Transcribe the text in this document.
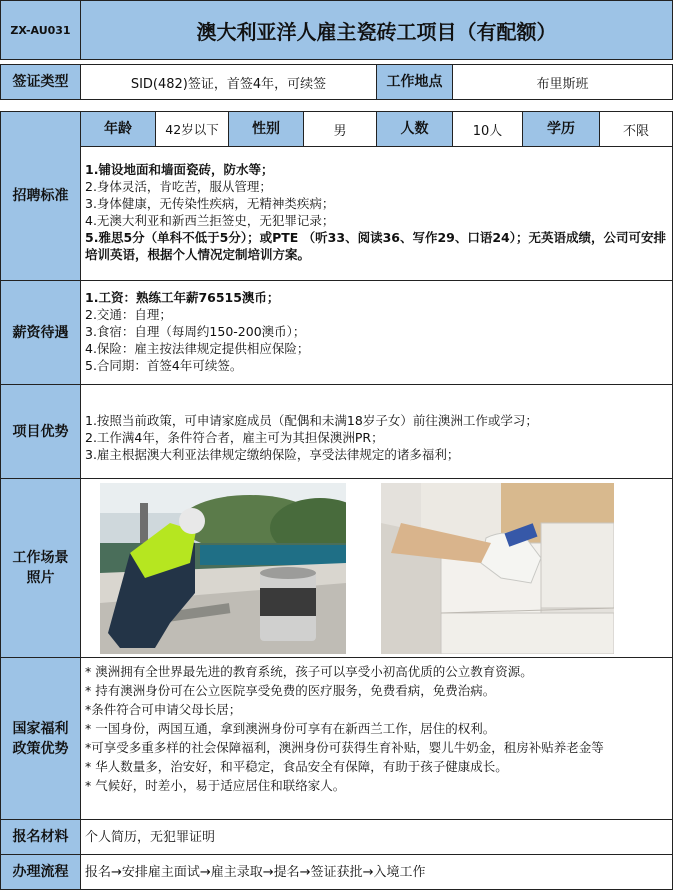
ZX-AU031	澳大利亚洋人雇主瓷砖工项目（有配额）
签证类型	SID(482)签证，首签4年，可续签	工作地点	布里斯班
招聘标准
年龄	42岁以下	性别	男	人数	10人	学历	不限
1.铺设地面和墙面瓷砖，防水等；
2.身体灵活，肯吃苦，服从管理；
3.身体健康，无传染性疾病，无精神类疾病；
4.无澳大利亚和新西兰拒签史，无犯罪记录；
5.雅思5分（单科不低于5分）；或PTE （听33、阅读36、写作29、口语24）；无英语成绩，公司可安排培训英语，根据个人情况定制培训方案。
薪资待遇
1.工资：熟练工年薪76515澳币；
2.交通：自理；
3.食宿：自理（每周约150-200澳币）；
4.保险：雇主按法律规定提供相应保险；
5.合同期：首签4年可续签。
项目优势
1.按照当前政策，可申请家庭成员（配偶和未满18岁子女）前往澳洲工作或学习；
2.工作满4年，条件符合者，雇主可为其担保澳洲PR；
3.雇主根据澳大利亚法律规定缴纳保险，享受法律规定的诸多福利；
工作场景照片
国家福利政策优势
* 澳洲拥有全世界最先进的教育系统，孩子可以享受小初高优质的公立教育资源。
* 持有澳洲身份可在公立医院享受免费的医疗服务，免费看病，免费治病。
*条件符合可申请父母长居；
* 一国身份，两国互通，拿到澳洲身份可享有在新西兰工作，居住的权利。
*可享受多重多样的社会保障福利，澳洲身份可获得生育补贴，婴儿牛奶金，租房补贴养老金等
* 华人数量多，治安好，和平稳定，食品安全有保障，有助于孩子健康成长。
* 气候好，时差小，易于适应居住和联络家人。
报名材料	个人简历，无犯罪证明
办理流程	报名→安排雇主面试→雇主录取→提名→签证获批→入境工作
